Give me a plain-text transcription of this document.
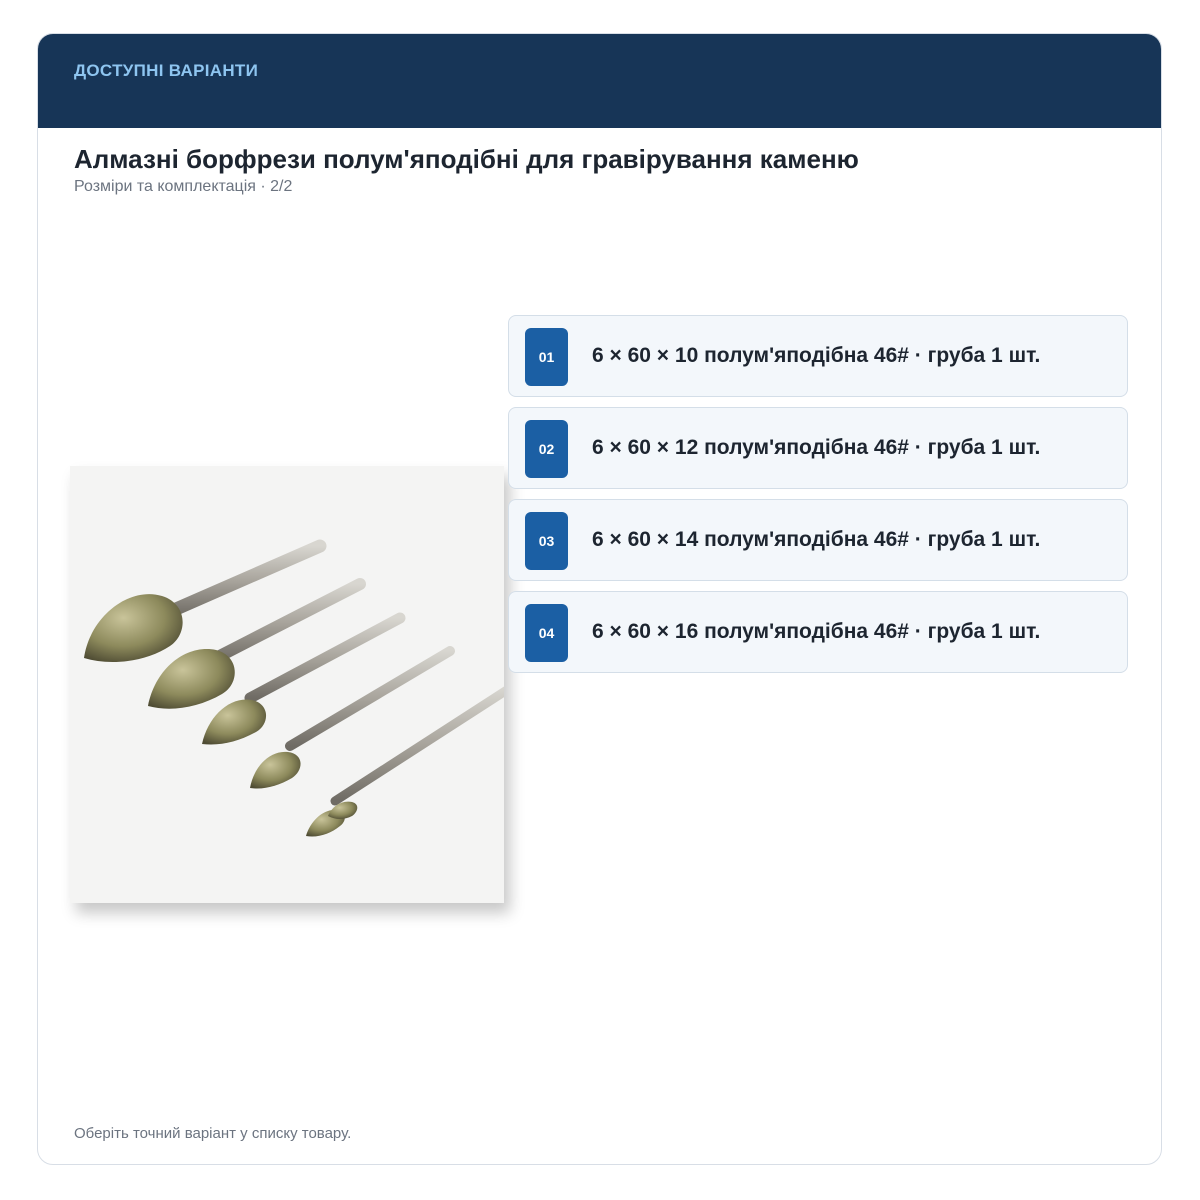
ДОСТУПНІ ВАРІАНТИ
Алмазні борфрези полум'яподібні для гравірування каменю
Розміри та комплектація · 2/2
01	6 × 60 × 10 полум'яподібна 46# · груба 1 шт.
02	6 × 60 × 12 полум'яподібна 46# · груба 1 шт.
03	6 × 60 × 14 полум'яподібна 46# · груба 1 шт.
04	6 × 60 × 16 полум'яподібна 46# · груба 1 шт.
Оберіть точний варіант у списку товару.
